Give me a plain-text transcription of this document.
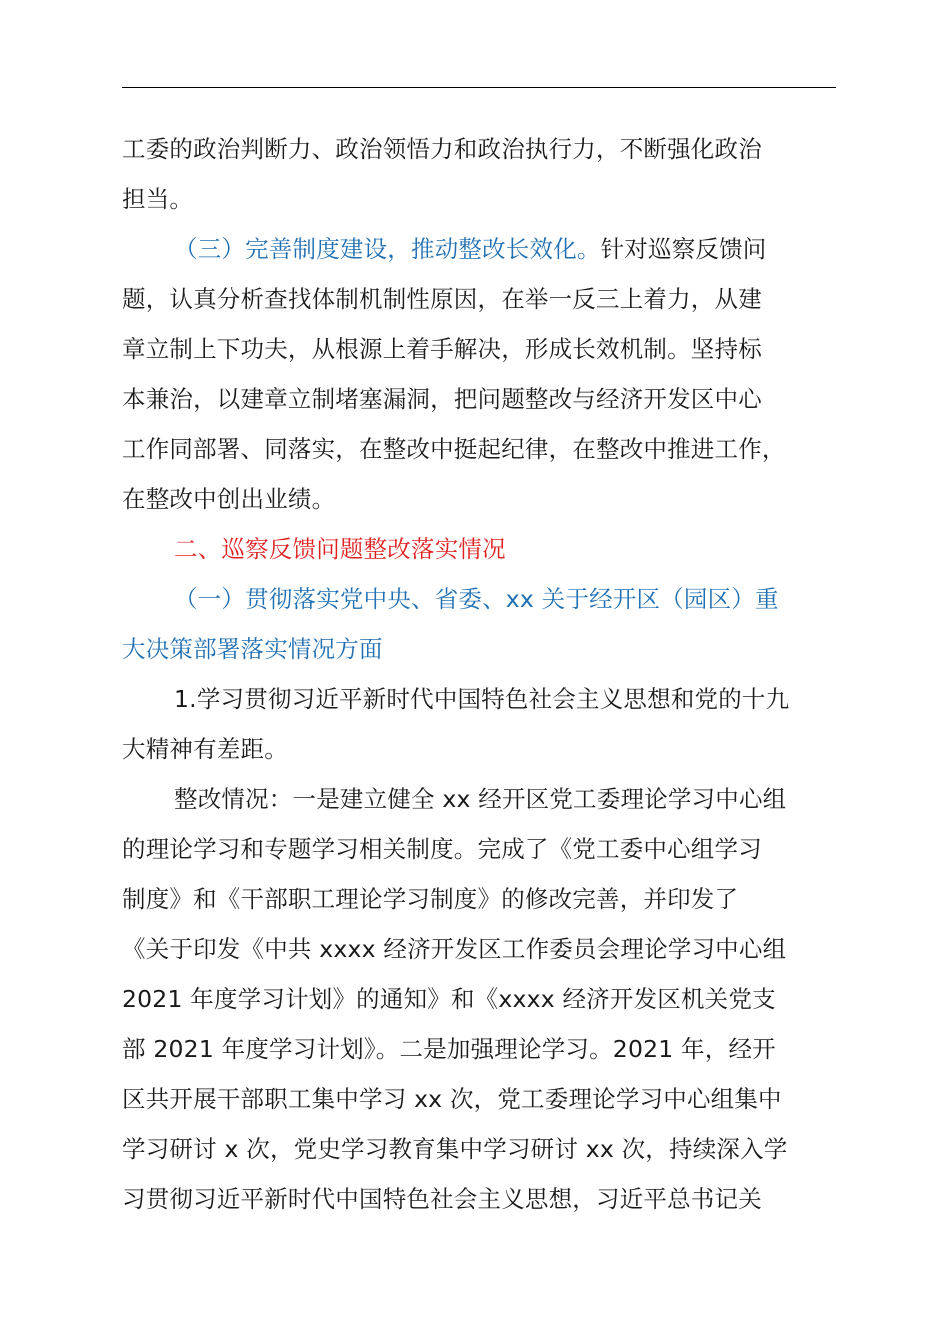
工委的政治判断力、政治领悟力和政治执行力，不断强化政治
担当。
（三）完善制度建设，推动整改长效化。针对巡察反馈问
题，认真分析查找体制机制性原因，在举一反三上着力，从建
章立制上下功夫，从根源上着手解决，形成长效机制。坚持标
本兼治，以建章立制堵塞漏洞，把问题整改与经济开发区中心
工作同部署、同落实，在整改中挺起纪律，在整改中推进工作，
在整改中创出业绩。
二、巡察反馈问题整改落实情况
（一）贯彻落实党中央、省委、xx 关于经开区（园区）重
大决策部署落实情况方面
1.学习贯彻习近平新时代中国特色社会主义思想和党的十九
大精神有差距。
整改情况：一是建立健全 xx 经开区党工委理论学习中心组
的理论学习和专题学习相关制度。完成了《党工委中心组学习
制度》和《干部职工理论学习制度》的修改完善，并印发了
《关于印发《中共 xxxx 经济开发区工作委员会理论学习中心组
2021 年度学习计划》的通知》和《xxxx 经济开发区机关党支
部 2021 年度学习计划》。二是加强理论学习。2021 年，经开
区共开展干部职工集中学习 xx 次，党工委理论学习中心组集中
学习研讨 x 次，党史学习教育集中学习研讨 xx 次，持续深入学
习贯彻习近平新时代中国特色社会主义思想，习近平总书记关
